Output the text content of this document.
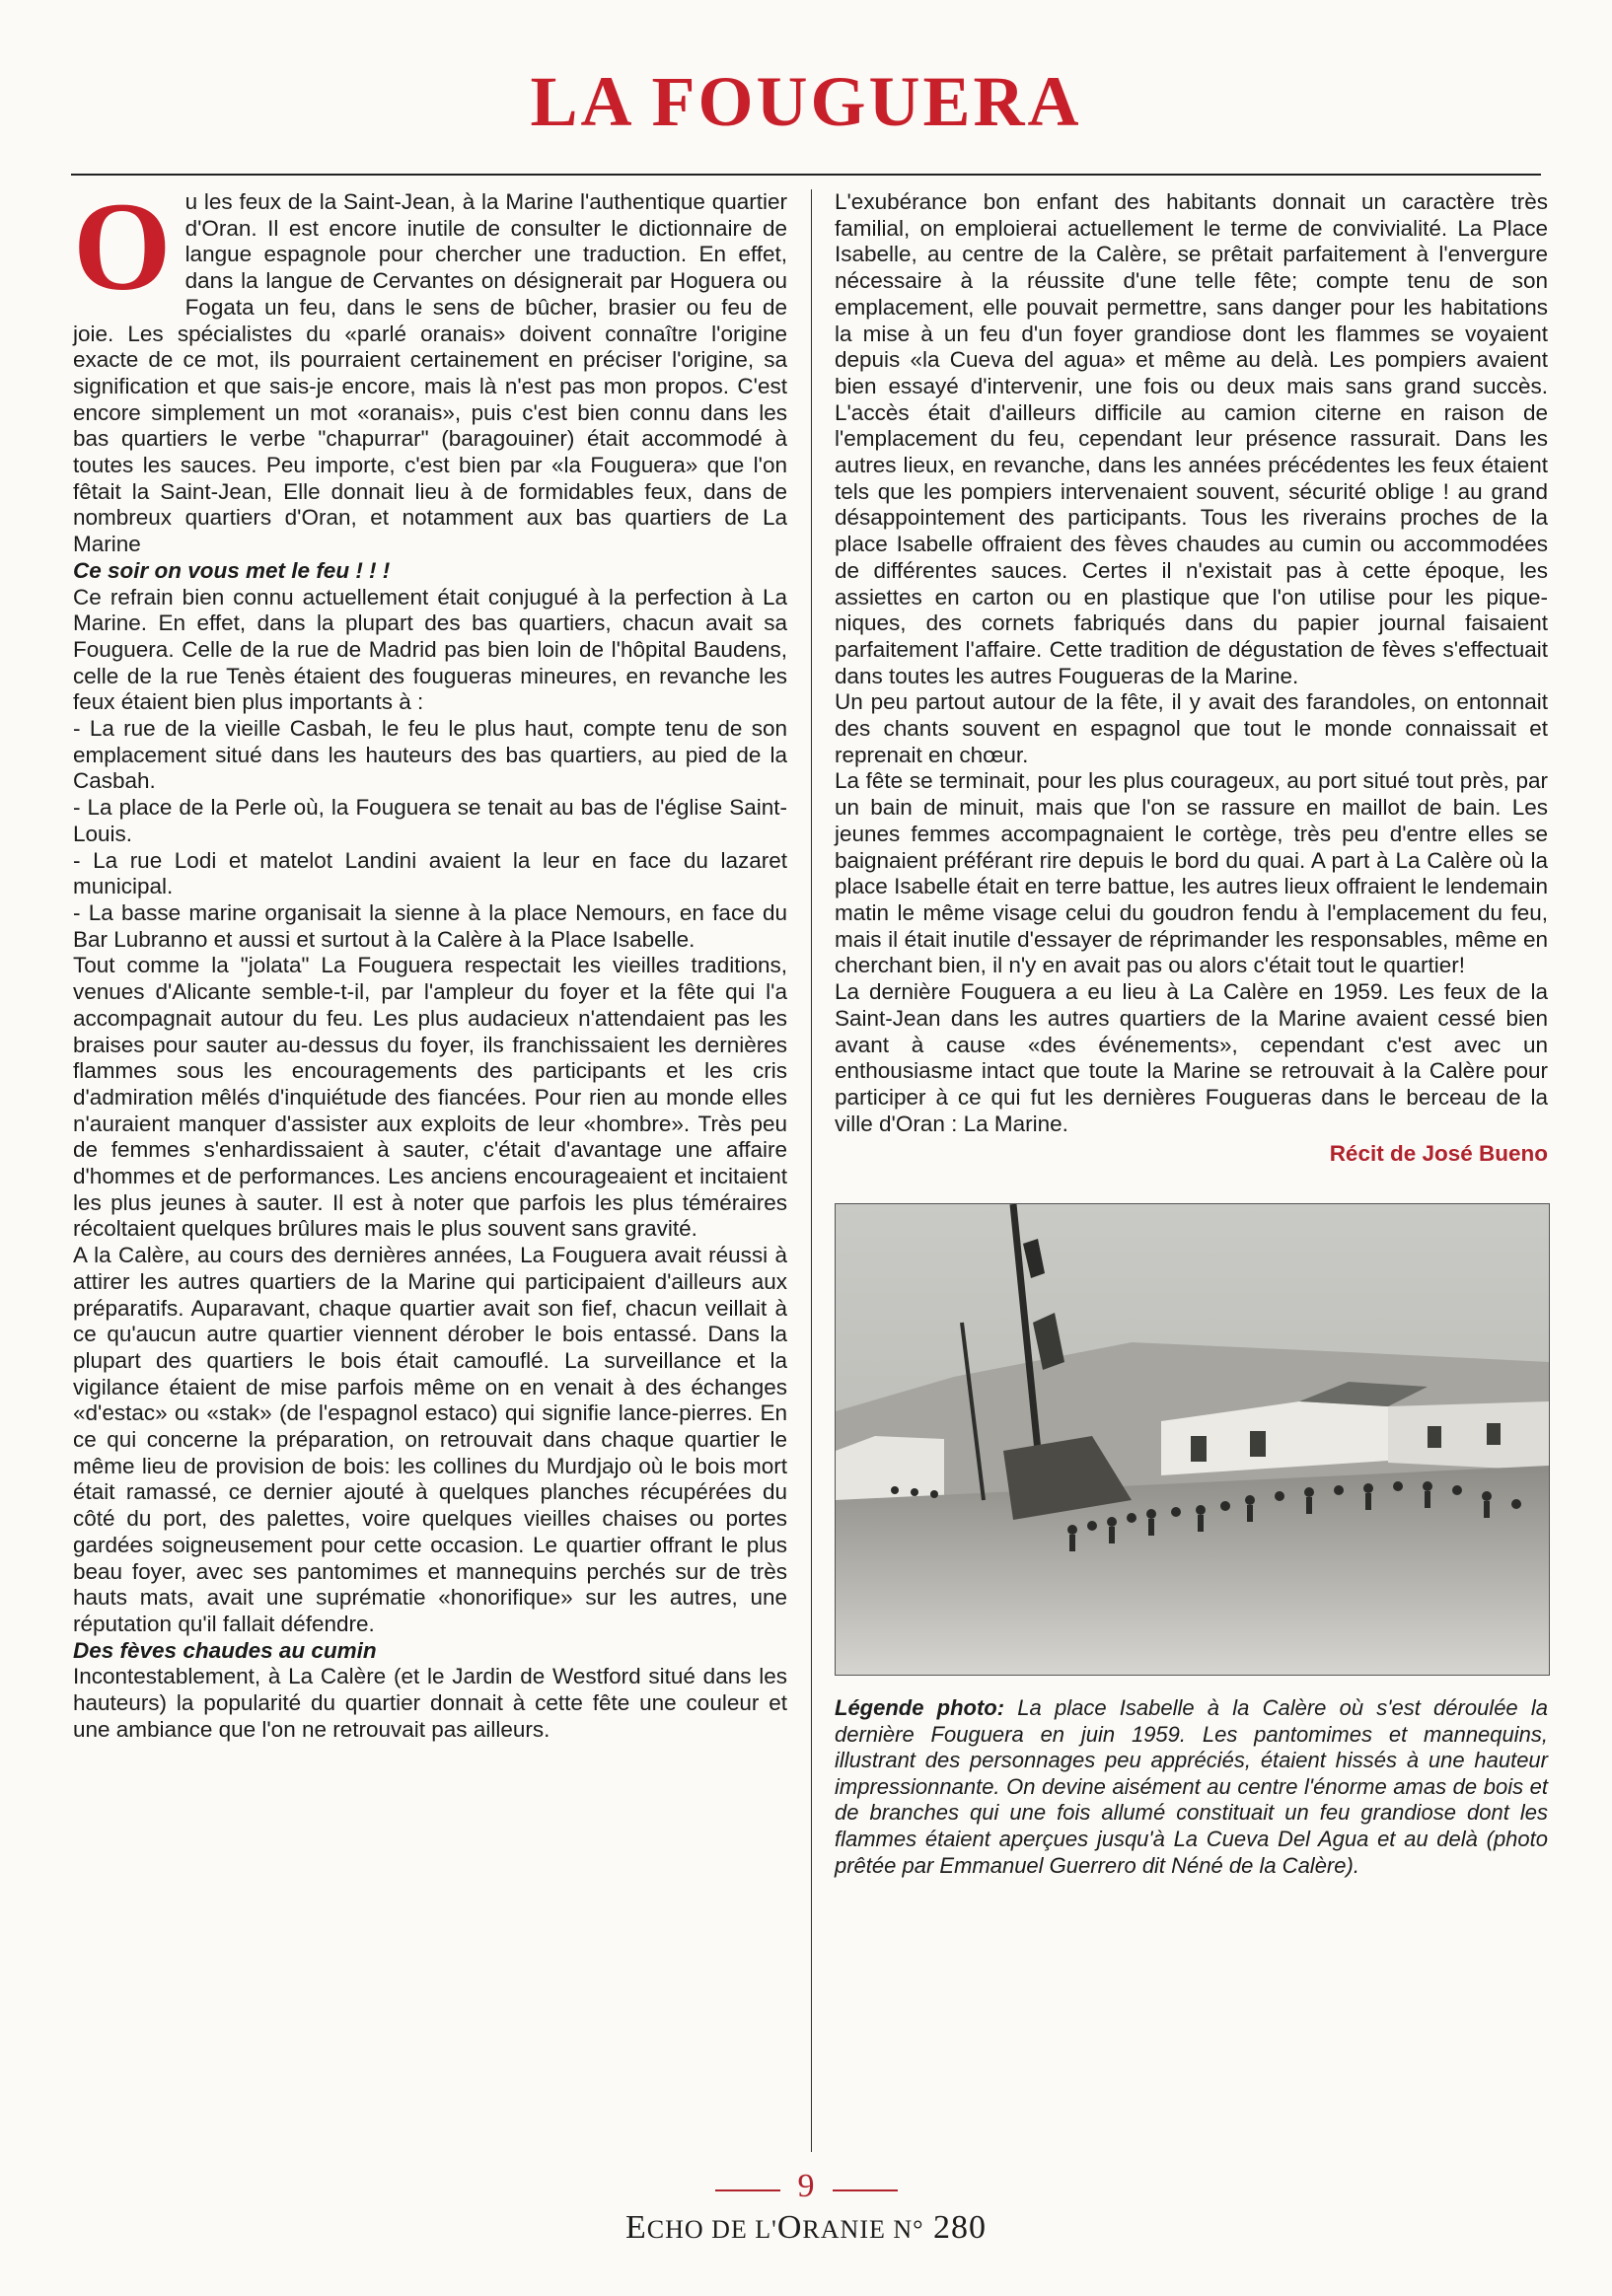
LA FOUGUERA

Ou les feux de la Saint-Jean, à la Marine l'authentique quartier d'Oran. Il est encore inutile de consulter le dictionnaire de langue espagnole pour chercher une traduction. En effet, dans la langue de Cervantes on désignerait par Hoguera ou Fogata un feu, dans le sens de bûcher, brasier ou feu de joie. Les spécialistes du «parlé oranais» doivent connaître l'origine exacte de ce mot, ils pourraient certainement en préciser l'origine, sa signification et que sais-je encore, mais là n'est pas mon propos. C'est encore simplement un mot «oranais», puis c'est bien connu dans les bas quartiers le verbe "chapurrar" (baragouiner) était accommodé à toutes les sauces. Peu importe, c'est bien par «la Fouguera» que l'on fêtait la Saint-Jean, Elle donnait lieu à de formidables feux, dans de nombreux quartiers d'Oran, et notamment aux bas quartiers de La Marine

Ce soir on vous met le feu ! ! !

Ce refrain bien connu actuellement était conjugué à la perfection à La Marine. En effet, dans la plupart des bas quartiers, chacun avait sa Fouguera. Celle de la rue de Madrid pas bien loin de l'hôpital Baudens, celle de la rue Tenès étaient des fougueras mineures, en revanche les feux étaient bien plus importants à :

- La rue de la vieille Casbah, le feu le plus haut, compte tenu de son emplacement situé dans les hauteurs des bas quartiers, au pied de la Casbah.

- La place de la Perle où, la Fouguera se tenait au bas de l'église Saint-Louis.

- La rue Lodi et matelot Landini avaient la leur en face du lazaret municipal.

- La basse marine organisait la sienne à la place Nemours, en face du Bar Lubranno et aussi et surtout à la Calère à la Place Isabelle.

Tout comme la "jolata" La Fouguera respectait les vieilles traditions, venues d'Alicante semble-t-il, par l'ampleur du foyer et la fête qui l'a accompagnait autour du feu. Les plus audacieux n'attendaient pas les braises pour sauter au-dessus du foyer, ils franchissaient les dernières flammes sous les encouragements des participants et les cris d'admiration mêlés d'inquiétude des fiancées. Pour rien au monde elles n'auraient manquer d'assister aux exploits de leur «hombre». Très peu de femmes s'enhardissaient à sauter, c'était d'avantage une affaire d'hommes et de performances. Les anciens encourageaient et incitaient les plus jeunes à sauter. Il est à noter que parfois les plus téméraires récoltaient quelques brûlures mais le plus souvent sans gravité.

A la Calère, au cours des dernières années, La Fouguera avait réussi à attirer les autres quartiers de la Marine qui participaient d'ailleurs aux préparatifs. Auparavant, chaque quartier avait son fief, chacun veillait à ce qu'aucun autre quartier viennent dérober le bois entassé. Dans la plupart des quartiers le bois était camouflé. La surveillance et la vigilance étaient de mise parfois même on en venait à des échanges «d'estac» ou «stak» (de l'espagnol estaco) qui signifie lance-pierres. En ce qui concerne la préparation, on retrouvait dans chaque quartier le même lieu de provision de bois: les collines du Murdjajo où le bois mort était ramassé, ce dernier ajouté à quelques planches récupérées du côté du port, des palettes, voire quelques vieilles chaises ou portes gardées soigneusement pour cette occasion. Le quartier offrant le plus beau foyer, avec ses pantomimes et mannequins perchés sur de très hauts mats, avait une suprématie «honorifique» sur les autres, une réputation qu'il fallait défendre.

Des fèves chaudes au cumin

Incontestablement, à La Calère (et le Jardin de Westford situé dans les hauteurs) la popularité du quartier donnait à cette fête une couleur et une ambiance que l'on ne retrouvait pas ailleurs.

L'exubérance bon enfant des habitants donnait un caractère très familial, on emploierai actuellement le terme de convivialité. La Place Isabelle, au centre de la Calère, se prêtait parfaitement à l'envergure nécessaire à la réussite d'une telle fête; compte tenu de son emplacement, elle pouvait permettre, sans danger pour les habitations la mise à un feu d'un foyer grandiose dont les flammes se voyaient depuis «la Cueva del agua» et même au delà. Les pompiers avaient bien essayé d'intervenir, une fois ou deux mais sans grand succès. L'accès était d'ailleurs difficile au camion citerne en raison de l'emplacement du feu, cependant leur présence rassurait. Dans les autres lieux, en revanche, dans les années précédentes les feux étaient tels que les pompiers intervenaient souvent, sécurité oblige ! au grand désappointement des participants. Tous les riverains proches de la place Isabelle offraient des fèves chaudes au cumin ou accommodées de différentes sauces. Certes il n'existait pas à cette époque, les assiettes en carton ou en plastique que l'on utilise pour les pique-niques, des cornets fabriqués dans du papier journal faisaient parfaitement l'affaire. Cette tradition de dégustation de fèves s'effectuait dans toutes les autres Fougueras de la Marine.

Un peu partout autour de la fête, il y avait des farandoles, on entonnait des chants souvent en espagnol que tout le monde connaissait et reprenait en chœur.

La fête se terminait, pour les plus courageux, au port situé tout près, par un bain de minuit, mais que l'on se rassure en maillot de bain. Les jeunes femmes accompagnaient le cortège, très peu d'entre elles se baignaient préférant rire depuis le bord du quai. A part à La Calère où la place Isabelle était en terre battue, les autres lieux offraient le lendemain matin le même visage celui du goudron fendu à l'emplacement du feu, mais il était inutile d'essayer de réprimander les responsables, même en cherchant bien, il n'y en avait pas ou alors c'était tout le quartier!

La dernière Fouguera a eu lieu à La Calère en 1959. Les feux de la Saint-Jean dans les autres quartiers de la Marine avaient cessé bien avant à cause «des événements», cependant c'est avec un enthousiasme intact que toute la Marine se retrouvait à la Calère pour participer à ce qui fut les dernières Fougueras dans le berceau de la ville d'Oran : La Marine.

Récit de José Bueno

Légende photo: La place Isabelle à la Calère où s'est déroulée la dernière Fouguera en juin 1959. Les pantomimes et mannequins, illustrant des personnages peu appréciés, étaient hissés à une hauteur impressionnante. On devine aisément au centre l'énorme amas de bois et de branches qui une fois allumé constituait un feu grandiose dont les flammes étaient aperçues jusqu'à La Cueva Del Agua et au delà (photo prêtée par Emmanuel Guerrero dit Néné de la Calère).

9
ECHO DE L'ORANIE N° 280
